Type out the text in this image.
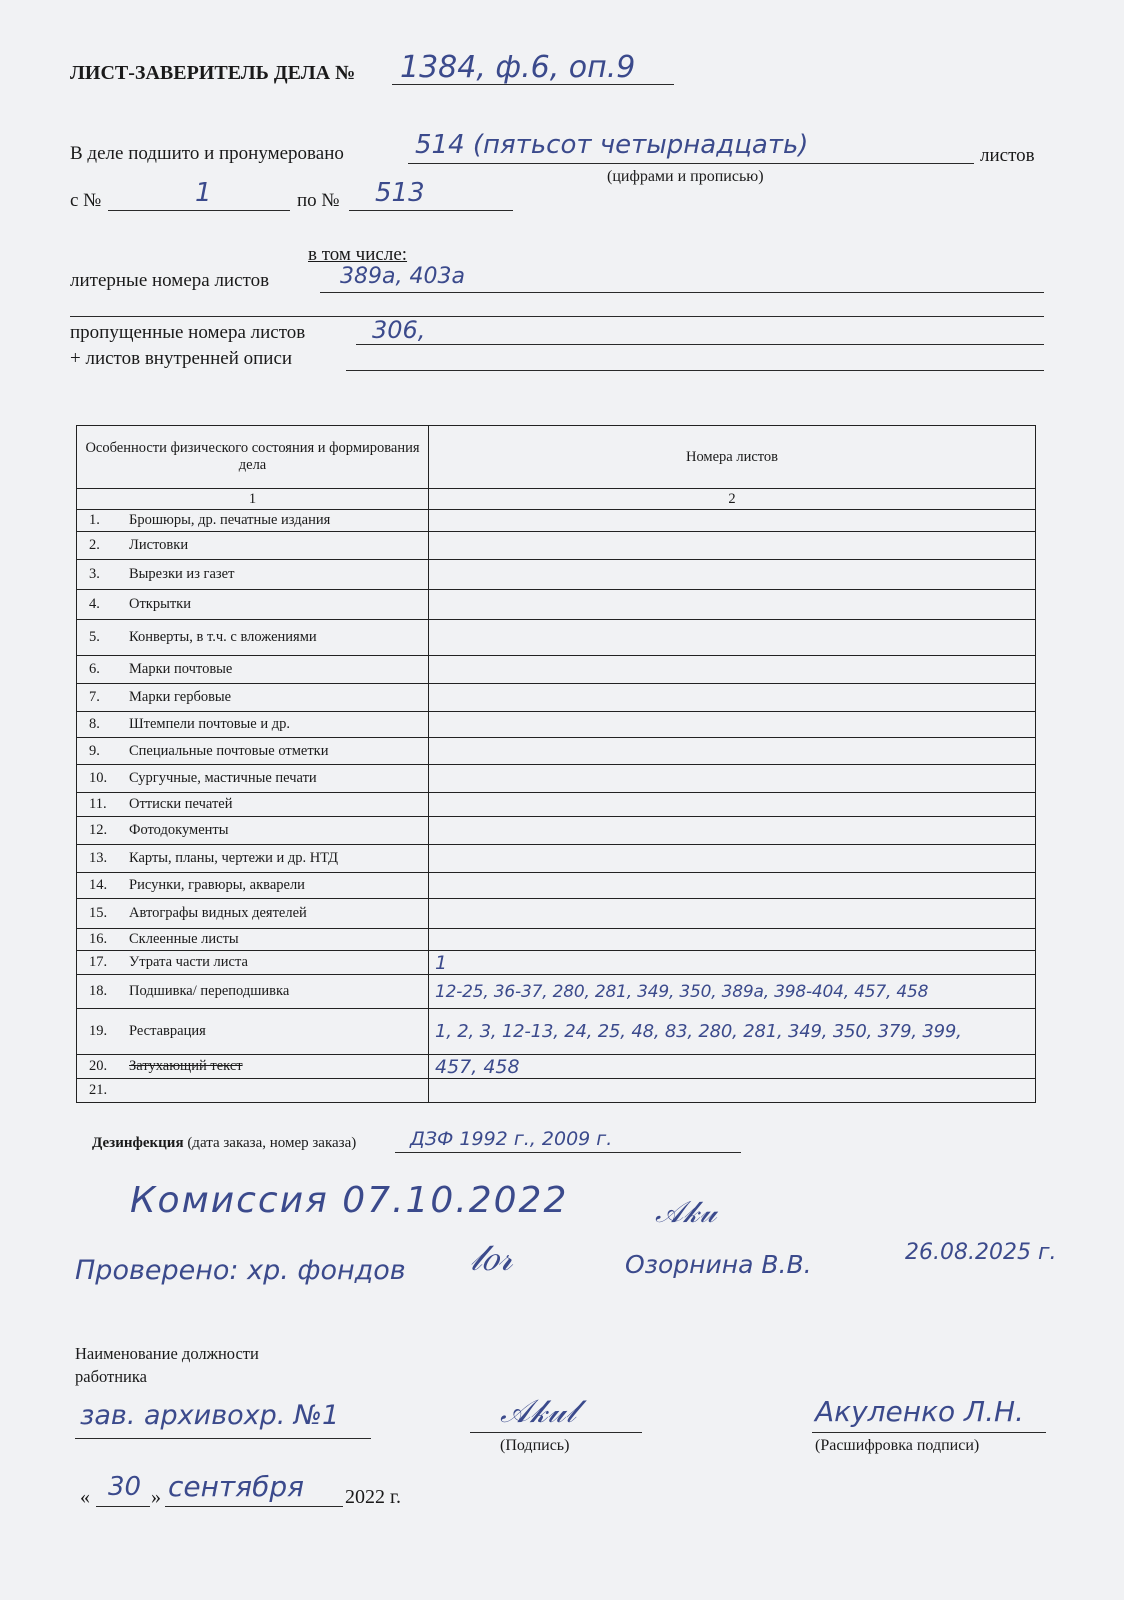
ЛИСТ-ЗАВЕРИТЕЛЬ ДЕЛА № 1384, ф.6, оп.9
В деле подшито и пронумеровано	514 (пятьсот четырнадцать)	листов
(цифрами и прописью)
с №	1	по № 513
в том числе:
литерные номера листов	389а, 403а
пропущенные номера листов	306,
+ листов внутренней описи
Особенности физического состояния и формирования дела	Номера листов
1	2
1. Брошюры, др. печатные издания	
2. Листовки	
3. Вырезки из газет	
4. Открытки	
5. Конверты, в т.ч. с вложениями	
6. Марки почтовые	
7. Марки гербовые	
8. Штемпели почтовые и др.	
9. Специальные почтовые отметки	
10. Сургучные, мастичные печати	
11. Оттиски печатей	
12. Фотодокументы	
13. Карты, планы, чертежи и др. НТД	
14. Рисунки, гравюры, акварели	
15. Автографы видных деятелей	
16. Склеенные листы	
17. Утрата части листа	1
18. Подшивка/ переподшивка	12-25, 36-37, 280, 281, 349, 350, 389а, 398-404, 457, 458
19. Реставрация	1, 2, 3, 12-13, 24, 25, 48, 83, 280, 281, 349, 350, 379, 399,
20. Затухающий текст	457, 458
21.	
Дезинфекция (дата заказа, номер заказа)	ДЗФ 1992 г., 2009 г.
Комиссия 07.10.2022	𝒜𝓀𝓊
Проверено: хр. фондов 𝓁𝑜𝓇	Озорнина В.В.	26.08.2025 г.
Наименование должности работника
зав. архивохр. №1	𝒜𝓀𝓊𝓁
(Подпись)
Акуленко Л.Н.
(Расшифровка подписи)
« 30 » сентября 2022 г.
